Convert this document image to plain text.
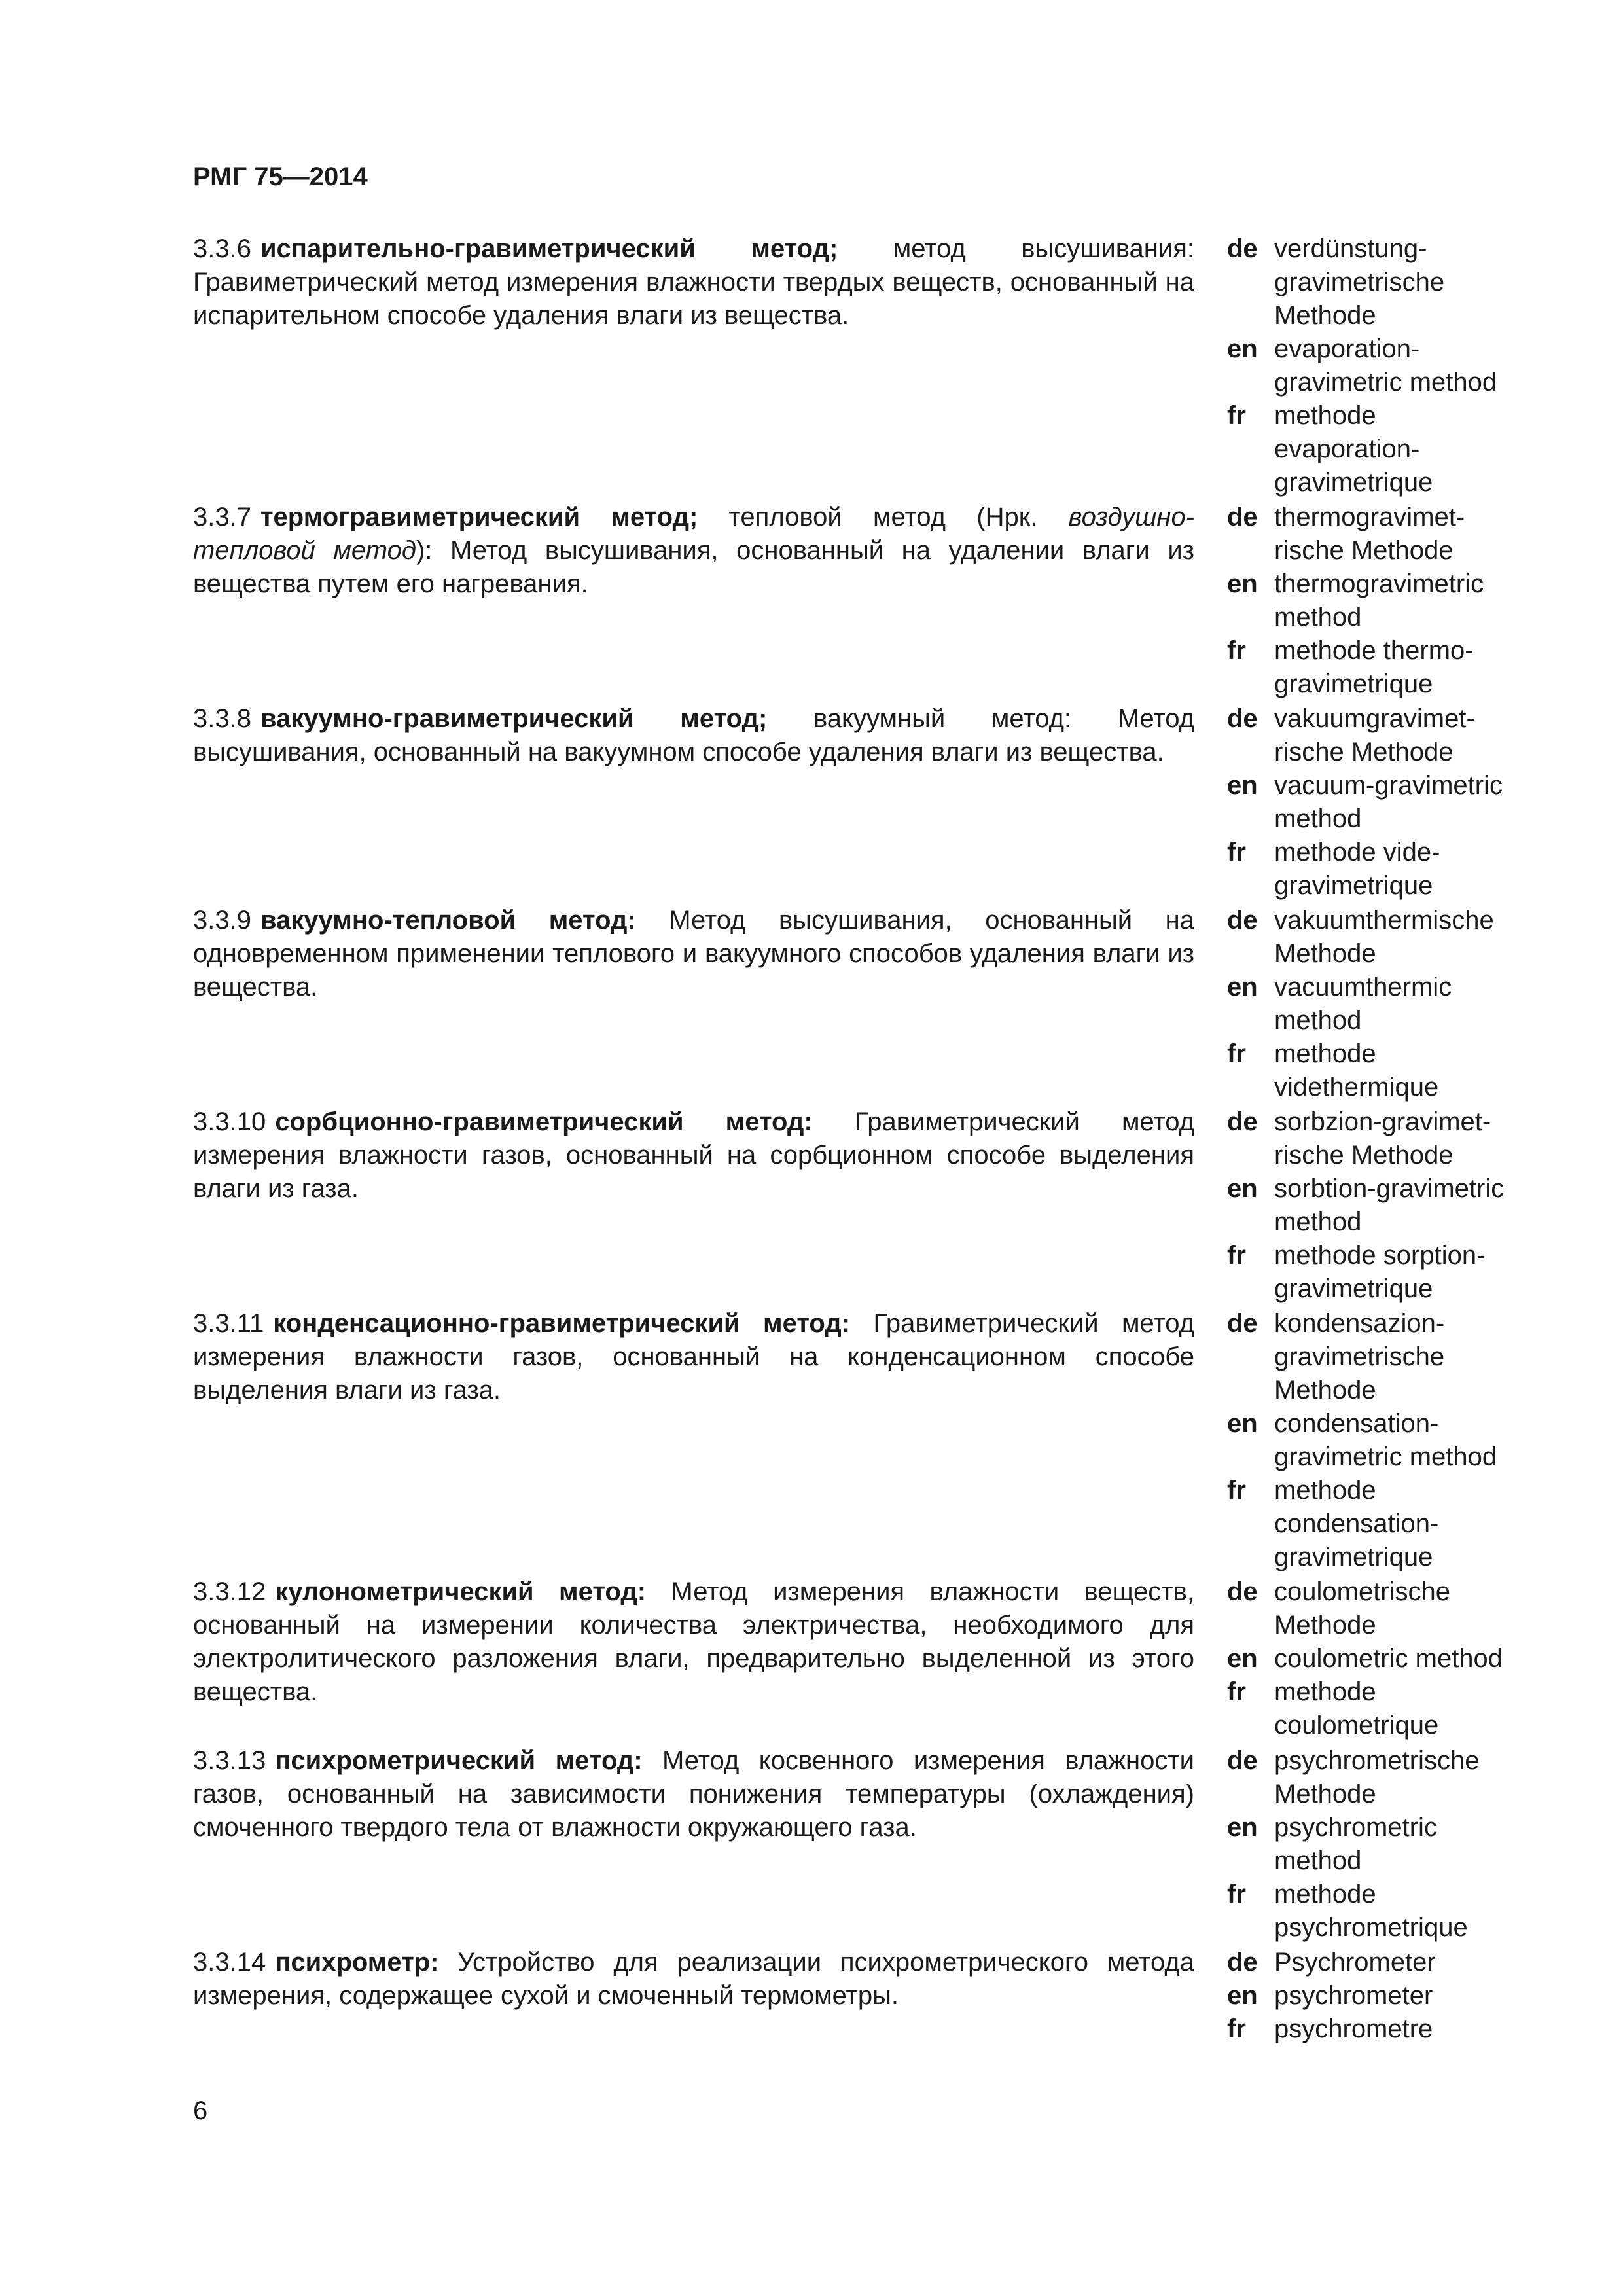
РМГ 75—2014
3.3.6 испарительно-гравиметрический метод; метод высушивания: Гравиметрический метод измерения влажности твердых веществ, основанный на испарительном способе удаления влаги из вещества.
de verdünstung-
gravimetrische
Methode
en evaporation-
gravimetric method
fr	methode
evaporation-
gravimetrique
3.3.7 термогравиметрический метод; тепловой метод (Нрк. воздушно-тепловой метод): Метод высушивания, основанный на удалении влаги из вещества путем его нагревания.
de thermogravimet-
rische Methode
en thermogravimetric
method
fr	methode thermo-
gravimetrique
3.3.8 вакуумно-гравиметрический метод; вакуумный метод: Метод высушивания, основанный на вакуумном способе удаления влаги из вещества.
de vakuumgravimet-
rische Methode
en vacuum-gravimetric
method
fr	methode vide-
gravimetrique
3.3.9 вакуумно-тепловой метод: Метод высушивания, основанный на одновременном применении теплового и вакуумного способов удаления влаги из вещества.
de vakuumthermische
Methode
en vacuumthermic
method
fr	methode
videthermique
3.3.10 сорбционно-гравиметрический метод: Гравиметрический метод измерения влажности газов, основанный на сорбционном способе выделения влаги из газа.
de sorbzion-gravimet-
rische Methode
en sorbtion-gravimetric
method
fr	methode sorption-
gravimetrique
3.3.11 конденсационно-гравиметрический метод: Гравиметрический метод измерения влажности газов, основанный на конденсационном способе выделения влаги из газа.
de kondensazion-
gravimetrische
Methode
en condensation-
gravimetric method
fr	methode
condensation-
gravimetrique
3.3.12 кулонометрический метод: Метод измерения влажности веществ, основанный на измерении количества электричества, необходимого для электролитического разложения влаги, предварительно выделенной из этого вещества.
de coulometrische
Methode
en coulometric method
fr	methode
coulometrique
3.3.13 психрометрический метод: Метод косвенного измерения влажности газов, основанный на зависимости понижения температуры (охлаждения) смоченного твердого тела от влажности окружающего газа.
de psychrometrische
Methode
en psychrometric
method
fr	methode
psychrometrique
3.3.14 психрометр: Устройство для реализации психрометрического метода измерения, содержащее сухой и смоченный термометры.
de Psychrometer
en psychrometer
fr	psychrometre
6
